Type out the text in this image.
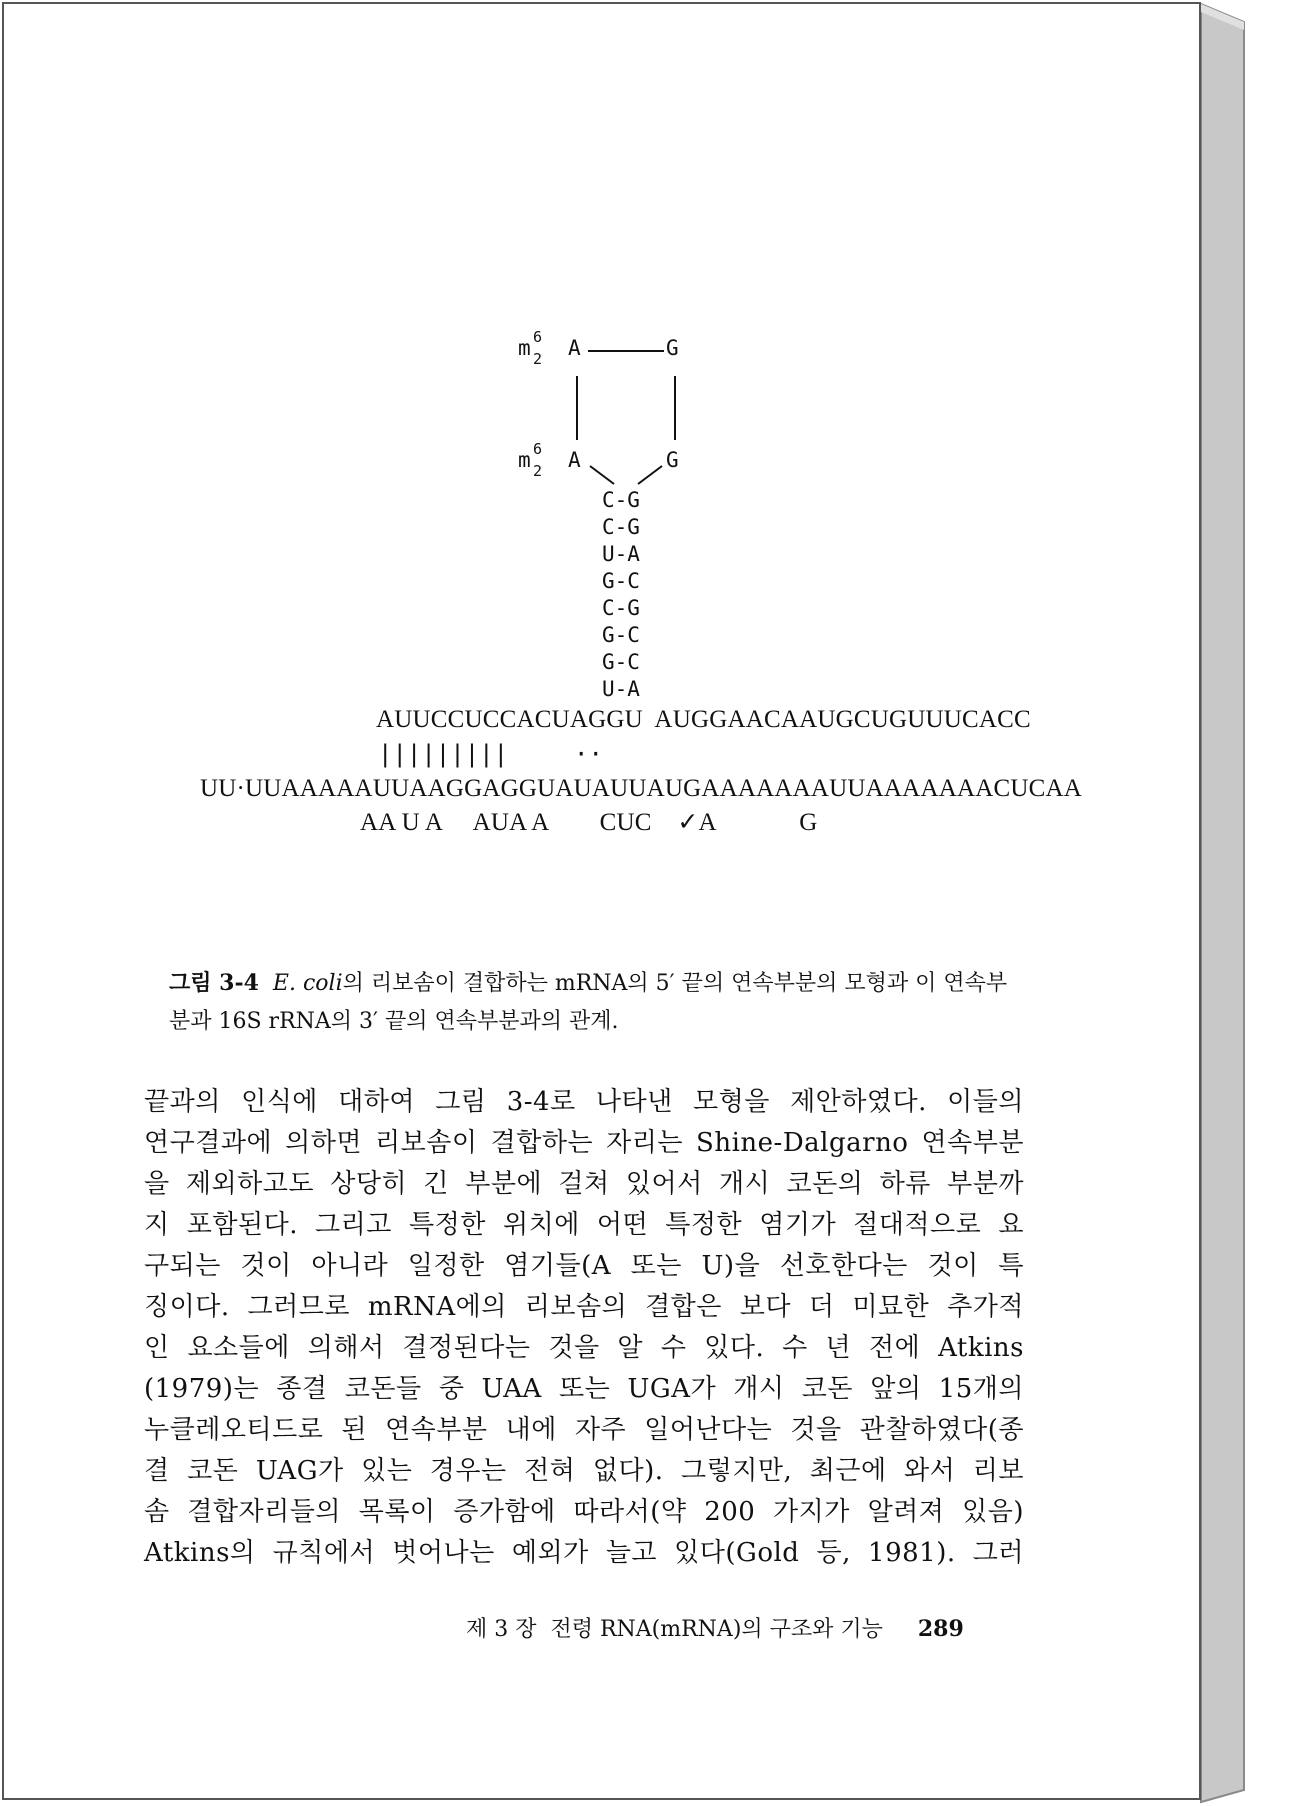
m 6
2 A	G
m 6
2 A	G
C-G
C-G
U-A
G-C
C-G
G-C
G-C
U-A
AUUCCUCCACUAGGU  AUGGAACAAUGCUGUUUCACC
|||||||||	··
UU·UUAAAAAUUAAGGAGGUAUAUUAUGAAAAAAAUUAAAAAAACUCAA
AA U A     AUA A        CUC    ✓A             G
그림 3-4 E. coli의 리보솜이 결합하는 mRNA의 5′ 끝의 연속부분의 모형과 이 연속부분과 16S rRNA의 3′ 끝의 연속부분과의 관계.

끝과의 인식에 대하여 그림 3-4로 나타낸 모형을 제안하였다. 이들의

연구결과에 의하면 리보솜이 결합하는 자리는 Shine-Dalgarno 연속부분

을 제외하고도 상당히 긴 부분에 걸쳐 있어서 개시 코돈의 하류 부분까

지 포함된다. 그리고 특정한 위치에 어떤 특정한 염기가 절대적으로 요

구되는 것이 아니라 일정한 염기들(A 또는 U)을 선호한다는 것이 특

징이다. 그러므로 mRNA에의 리보솜의 결합은 보다 더 미묘한 추가적

인 요소들에 의해서 결정된다는 것을 알 수 있다. 수 년 전에 Atkins

(1979)는 종결 코돈들 중 UAA 또는 UGA가 개시 코돈 앞의 15개의

누클레오티드로 된 연속부분 내에 자주 일어난다는 것을 관찰하였다(종

결 코돈 UAG가 있는 경우는 전혀 없다). 그렇지만, 최근에 와서 리보

솜 결합자리들의 목록이 증가함에 따라서(약 200 가지가 알려져 있음)

Atkins의 규칙에서 벗어나는 예외가 늘고 있다(Gold 등, 1981). 그러

제 3 장  전령 RNA(mRNA)의 구조와 기능 289
